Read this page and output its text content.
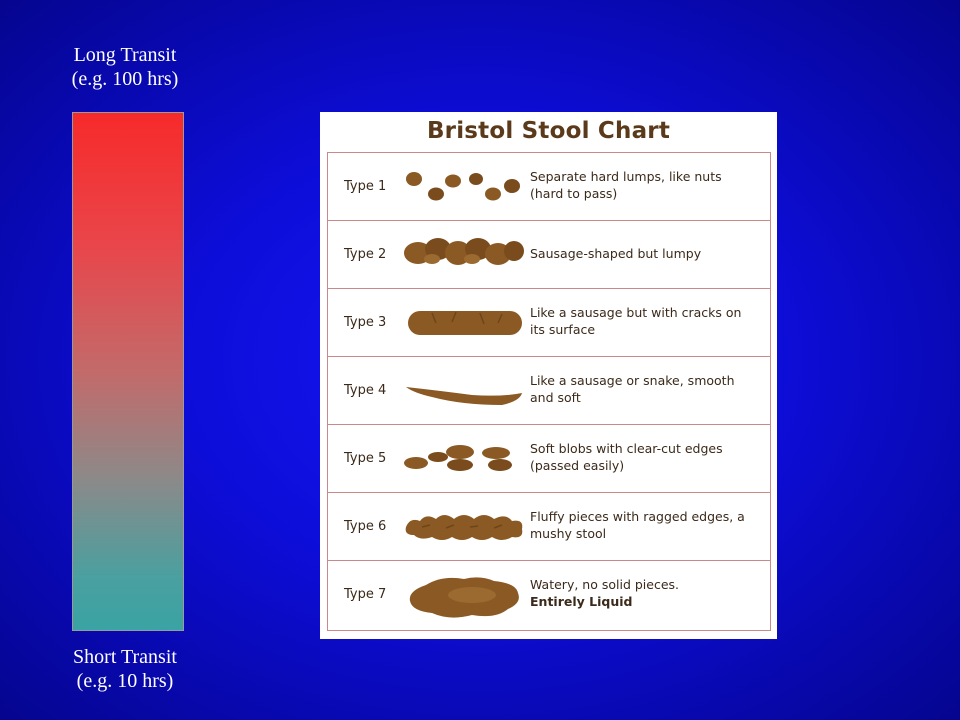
Long Transit
(e.g. 100 hrs)
Short Transit
(e.g. 10 hrs)
Bristol Stool Chart
Type 1
Separate hard lumps, like nuts
(hard to pass)
Type 2	Sausage-shaped but lumpy
Type 3
Like a sausage but with cracks on
its surface
Type 4
Like a sausage or snake, smooth
and soft
Type 5
Soft blobs with clear-cut edges
(passed easily)
Type 6
Fluffy pieces with ragged edges, a
mushy stool
Type 7
Watery, no solid pieces.
Entirely Liquid
